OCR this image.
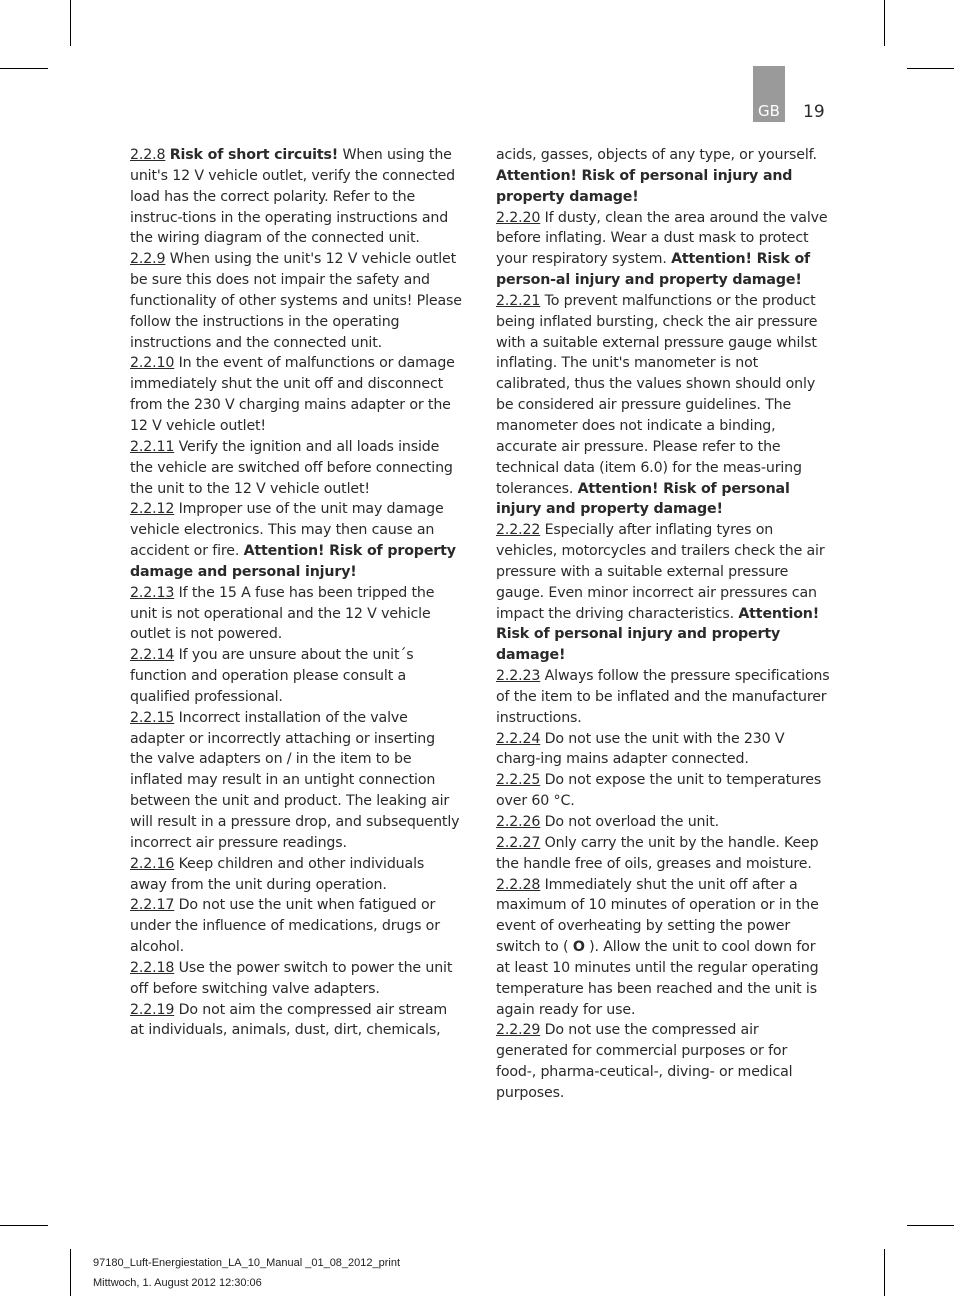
GB 19

2.2.8 Risk of short circuits! When using the unit's 12 V vehicle outlet, verify the connected load has the correct polarity. Refer to the instruc-tions in the operating instructions and the wiring diagram of the connected unit.

2.2.9 When using the unit's 12 V vehicle outlet be sure this does not impair the safety and functionality of other systems and units! Please follow the instructions in the operating instructions and the connected unit.

2.2.10 In the event of malfunctions or damage immediately shut the unit off and disconnect from the 230 V charging mains adapter or the 12 V vehicle outlet!

2.2.11 Verify the ignition and all loads inside the vehicle are switched off before connecting the unit to the 12 V vehicle outlet!

2.2.12 Improper use of the unit may damage vehicle electronics. This may then cause an accident or fire. Attention! Risk of property damage and personal injury!

2.2.13 If the 15 A fuse has been tripped the unit is not operational and the 12 V vehicle outlet is not powered.

2.2.14 If you are unsure about the unit´s function and operation please consult a qualified professional.

2.2.15 Incorrect installation of the valve adapter or incorrectly attaching or inserting the valve adapters on / in the item to be inflated may result in an untight connection between the unit and product. The leaking air will result in a pressure drop, and subsequently incorrect air pressure readings.

2.2.16 Keep children and other individuals away from the unit during operation.

2.2.17 Do not use the unit when fatigued or under the influence of medications, drugs or alcohol.

2.2.18 Use the power switch to power the unit off before switching valve adapters.

2.2.19 Do not aim the compressed air stream at individuals, animals, dust, dirt, chemicals,

acids, gasses, objects of any type, or yourself. Attention! Risk of personal injury and property damage!

2.2.20 If dusty, clean the area around the valve before inflating. Wear a dust mask to protect your respiratory system. Attention! Risk of person-al injury and property damage!

2.2.21 To prevent malfunctions or the product being inflated bursting, check the air pressure with a suitable external pressure gauge whilst inflating. The unit's manometer is not calibrated, thus the values shown should only be considered air pressure guidelines. The manometer does not indicate a binding, accurate air pressure. Please refer to the technical data (item 6.0) for the meas-uring tolerances. Attention! Risk of personal injury and property damage!

2.2.22 Especially after inflating tyres on vehicles, motorcycles and trailers check the air pressure with a suitable external pressure gauge. Even minor incorrect air pressures can impact the driving characteristics. Attention! Risk of personal injury and property damage!

2.2.23 Always follow the pressure specifications of the item to be inflated and the manufacturer instructions.

2.2.24 Do not use the unit with the 230 V charg-ing mains adapter connected.

2.2.25 Do not expose the unit to temperatures over 60 °C.

2.2.26 Do not overload the unit.

2.2.27 Only carry the unit by the handle. Keep the handle free of oils, greases and moisture.

2.2.28 Immediately shut the unit off after a maximum of 10 minutes of operation or in the event of overheating by setting the power switch to ( O ). Allow the unit to cool down for at least 10 minutes until the regular operating temperature has been reached and the unit is again ready for use.

2.2.29 Do not use the compressed air generated for commercial purposes or for food-, pharma-ceutical-, diving- or medical purposes.

97180_Luft-Energiestation_LA_10_Manual _01_08_2012_print
Mittwoch, 1. August 2012 12:30:06
